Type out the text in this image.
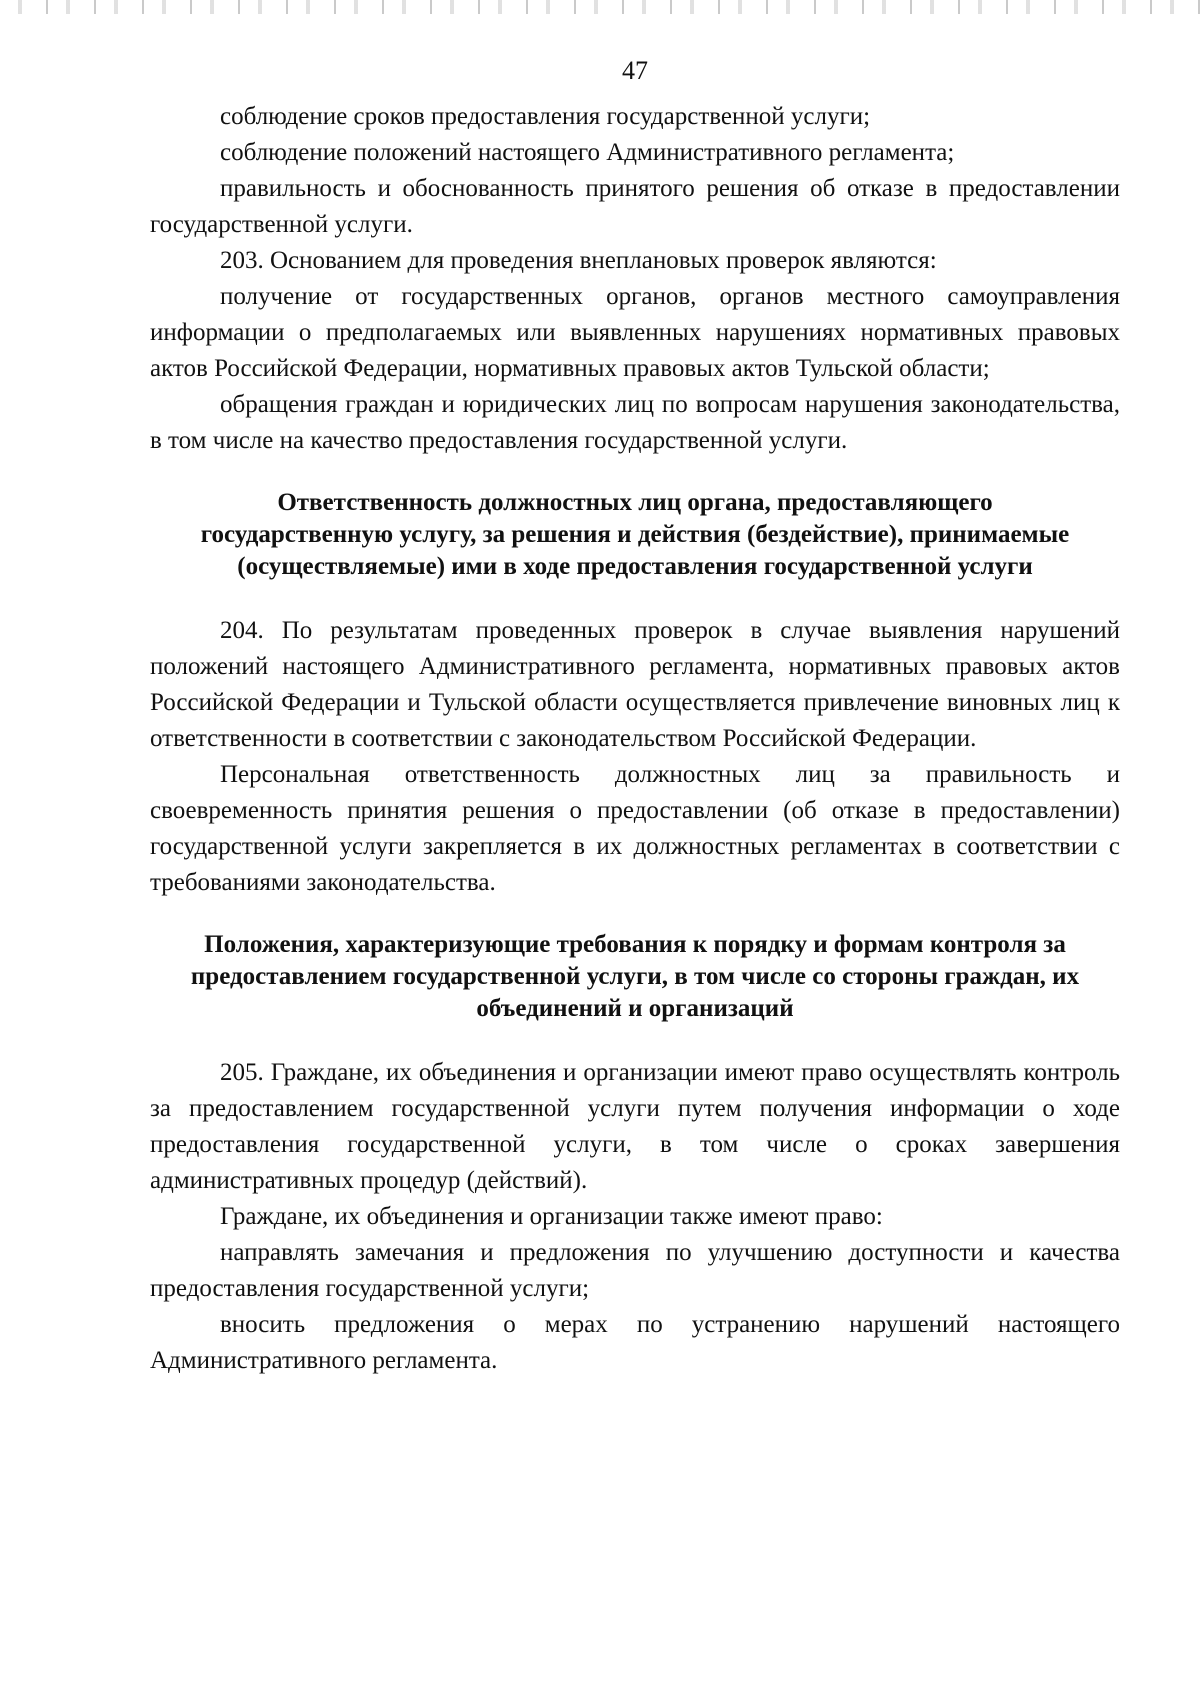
47

соблюдение сроков предоставления государственной услуги;

соблюдение положений настоящего Административного регламента;

правильность и обоснованность принятого решения об отказе в предоставлении государственной услуги.

203. Основанием для проведения внеплановых проверок являются:

получение от государственных органов, органов местного самоуправления информации о предполагаемых или выявленных нарушениях нормативных правовых актов Российской Федерации, нормативных правовых актов Тульской области;

обращения граждан и юридических лиц по вопросам нарушения законодательства, в том числе на качество предоставления государственной услуги.

Ответственность должностных лиц органа, предоставляющего государственную услугу, за решения и действия (бездействие), принимаемые (осуществляемые) ими в ходе предоставления государственной услуги

204. По результатам проведенных проверок в случае выявления нарушений положений настоящего Административного регламента, нормативных правовых актов Российской Федерации и Тульской области осуществляется привлечение виновных лиц к ответственности в соответствии с законодательством Российской Федерации.

Персональная ответственность должностных лиц за правильность и своевременность принятия решения о предоставлении (об отказе в предоставлении) государственной услуги закрепляется в их должностных регламентах в соответствии с требованиями законодательства.

Положения, характеризующие требования к порядку и формам контроля за предоставлением государственной услуги, в том числе со стороны граждан, их объединений и организаций

205. Граждане, их объединения и организации имеют право осуществлять контроль за предоставлением государственной услуги путем получения информации о ходе предоставления государственной услуги, в том числе о сроках завершения административных процедур (действий).

Граждане, их объединения и организации также имеют право:

направлять замечания и предложения по улучшению доступности и качества предоставления государственной услуги;

вносить предложения о мерах по устранению нарушений настоящего Административного регламента.
